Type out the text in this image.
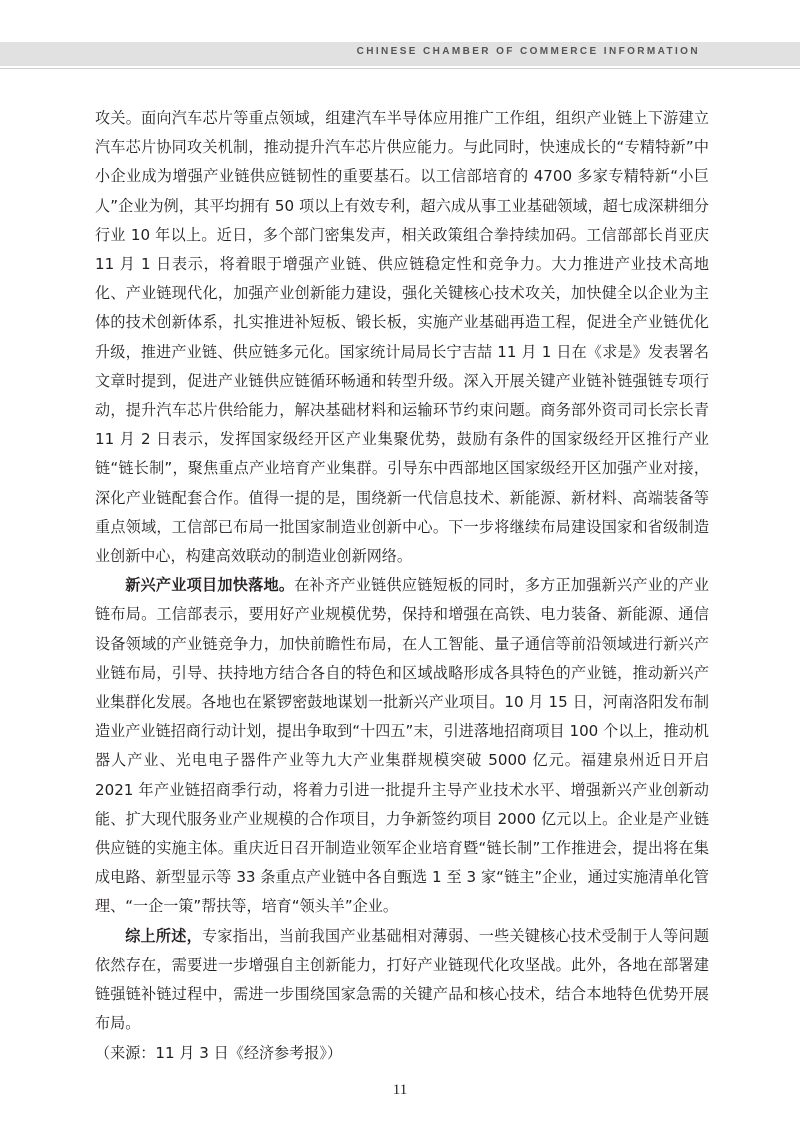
CHINESE CHAMBER OF COMMERCE INFORMATION

攻关。面向汽车芯片等重点领域，组建汽车半导体应用推广工作组，组织产业链上下游建立汽车芯片协同攻关机制，推动提升汽车芯片供应能力。与此同时，快速成长的“专精特新”中小企业成为增强产业链供应链韧性的重要基石。以工信部培育的 4700 多家专精特新“小巨人”企业为例，其平均拥有 50 项以上有效专利，超六成从事工业基础领域，超七成深耕细分行业 10 年以上。近日，多个部门密集发声，相关政策组合拳持续加码。工信部部长肖亚庆 11 月 1 日表示，将着眼于增强产业链、供应链稳定性和竞争力。大力推进产业技术高地化、产业链现代化，加强产业创新能力建设，强化关键核心技术攻关，加快健全以企业为主体的技术创新体系，扎实推进补短板、锻长板，实施产业基础再造工程，促进全产业链优化升级，推进产业链、供应链多元化。国家统计局局长宁吉喆 11 月 1 日在《求是》发表署名文章时提到，促进产业链供应链循环畅通和转型升级。深入开展关键产业链补链强链专项行动，提升汽车芯片供给能力，解决基础材料和运输环节约束问题。商务部外资司司长宗长青 11 月 2 日表示，发挥国家级经开区产业集聚优势，鼓励有条件的国家级经开区推行产业链“链长制”，聚焦重点产业培育产业集群。引导东中西部地区国家级经开区加强产业对接，深化产业链配套合作。值得一提的是，围绕新一代信息技术、新能源、新材料、高端装备等重点领域，工信部已布局一批国家制造业创新中心。下一步将继续布局建设国家和省级制造业创新中心，构建高效联动的制造业创新网络。

新兴产业项目加快落地。在补齐产业链供应链短板的同时，多方正加强新兴产业的产业链布局。工信部表示，要用好产业规模优势，保持和增强在高铁、电力装备、新能源、通信设备领域的产业链竞争力，加快前瞻性布局，在人工智能、量子通信等前沿领域进行新兴产业链布局，引导、扶持地方结合各自的特色和区域战略形成各具特色的产业链，推动新兴产业集群化发展。各地也在紧锣密鼓地谋划一批新兴产业项目。10 月 15 日，河南洛阳发布制造业产业链招商行动计划，提出争取到“十四五”末，引进落地招商项目 100 个以上，推动机器人产业、光电电子器件产业等九大产业集群规模突破 5000 亿元。福建泉州近日开启 2021 年产业链招商季行动，将着力引进一批提升主导产业技术水平、增强新兴产业创新动能、扩大现代服务业产业规模的合作项目，力争新签约项目 2000 亿元以上。企业是产业链供应链的实施主体。重庆近日召开制造业领军企业培育暨“链长制”工作推进会，提出将在集成电路、新型显示等 33 条重点产业链中各自甄选 1 至 3 家“链主”企业，通过实施清单化管理、“一企一策”帮扶等，培育“领头羊”企业。

综上所述，专家指出，当前我国产业基础相对薄弱、一些关键核心技术受制于人等问题依然存在，需要进一步增强自主创新能力，打好产业链现代化攻坚战。此外，各地在部署建链强链补链过程中，需进一步围绕国家急需的关键产品和核心技术，结合本地特色优势开展布局。

（来源：11 月 3 日《经济参考报》）

11
